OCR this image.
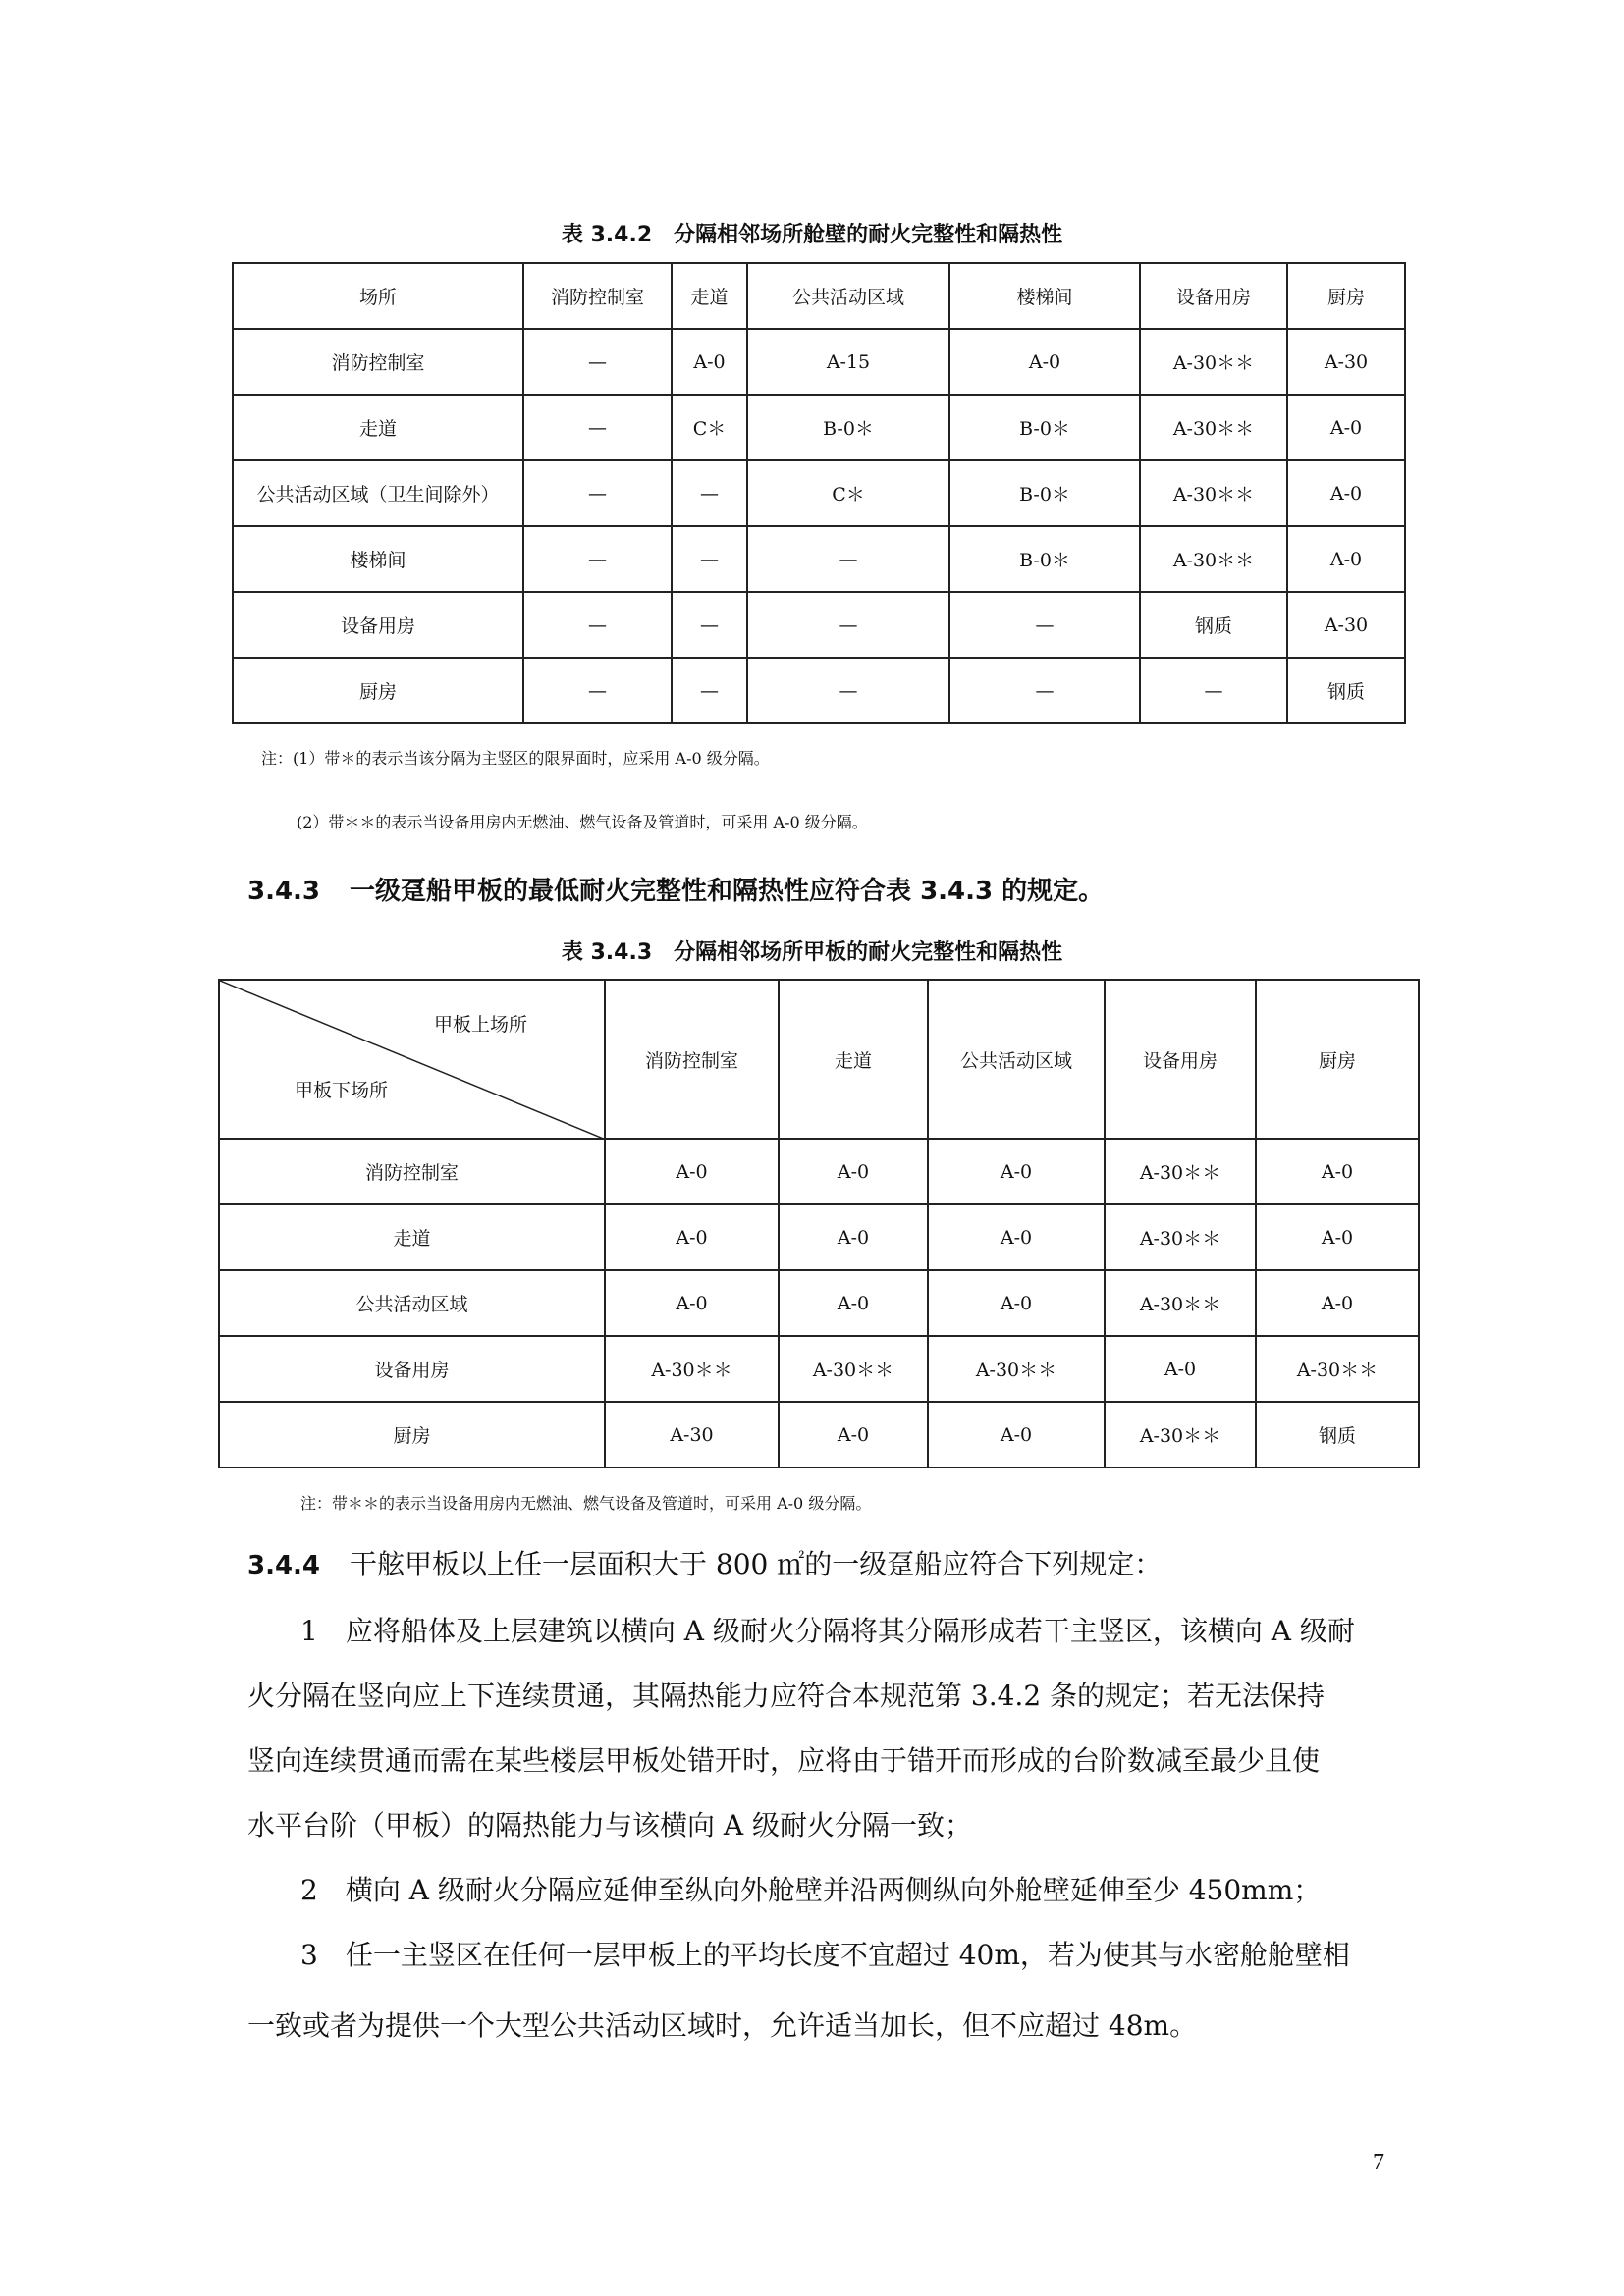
表 3.4.2　分隔相邻场所舱壁的耐火完整性和隔热性
场所	消防控制室	走道	公共活动区域	楼梯间	设备用房	厨房
消防控制室	—	A-0	A-15	A-0	A-30＊＊	A-30
走道	—	C＊	B-0＊	B-0＊	A-30＊＊	A-0
公共活动区域（卫生间除外）	—	—	C＊	B-0＊	A-30＊＊	A-0
楼梯间	—	—	—	B-0＊	A-30＊＊	A-0
设备用房	—	—	—	—	钢质	A-30
厨房	—	—	—	—	—	钢质
注：(1）带＊的表示当该分隔为主竖区的限界面时，应采用 A-0 级分隔。
(2）带＊＊的表示当设备用房内无燃油、燃气设备及管道时，可采用 A-0 级分隔。
3.4.3 一级趸船甲板的最低耐火完整性和隔热性应符合表 3.4.3 的规定。
表 3.4.3　分隔相邻场所甲板的耐火完整性和隔热性
甲板上场所
甲板下场所	消防控制室	走道	公共活动区域	设备用房	厨房
消防控制室	A-0	A-0	A-0	A-30＊＊	A-0
走道	A-0	A-0	A-0	A-30＊＊	A-0
公共活动区域	A-0	A-0	A-0	A-30＊＊	A-0
设备用房	A-30＊＊	A-30＊＊	A-30＊＊	A-0	A-30＊＊
厨房	A-30	A-0	A-0	A-30＊＊	钢质
注：带＊＊的表示当设备用房内无燃油、燃气设备及管道时，可采用 A-0 级分隔。
3.4.4 干舷甲板以上任一层面积大于 800 ㎡的一级趸船应符合下列规定：
1　应将船体及上层建筑以横向 A 级耐火分隔将其分隔形成若干主竖区，该横向 A 级耐
火分隔在竖向应上下连续贯通，其隔热能力应符合本规范第 3.4.2 条的规定；若无法保持
竖向连续贯通而需在某些楼层甲板处错开时，应将由于错开而形成的台阶数减至最少且使
水平台阶（甲板）的隔热能力与该横向 A 级耐火分隔一致；
2　横向 A 级耐火分隔应延伸至纵向外舱壁并沿两侧纵向外舱壁延伸至少 450mm；
3　任一主竖区在任何一层甲板上的平均长度不宜超过 40m，若为使其与水密舱舱壁相
一致或者为提供一个大型公共活动区域时，允许适当加长，但不应超过 48m。
7
